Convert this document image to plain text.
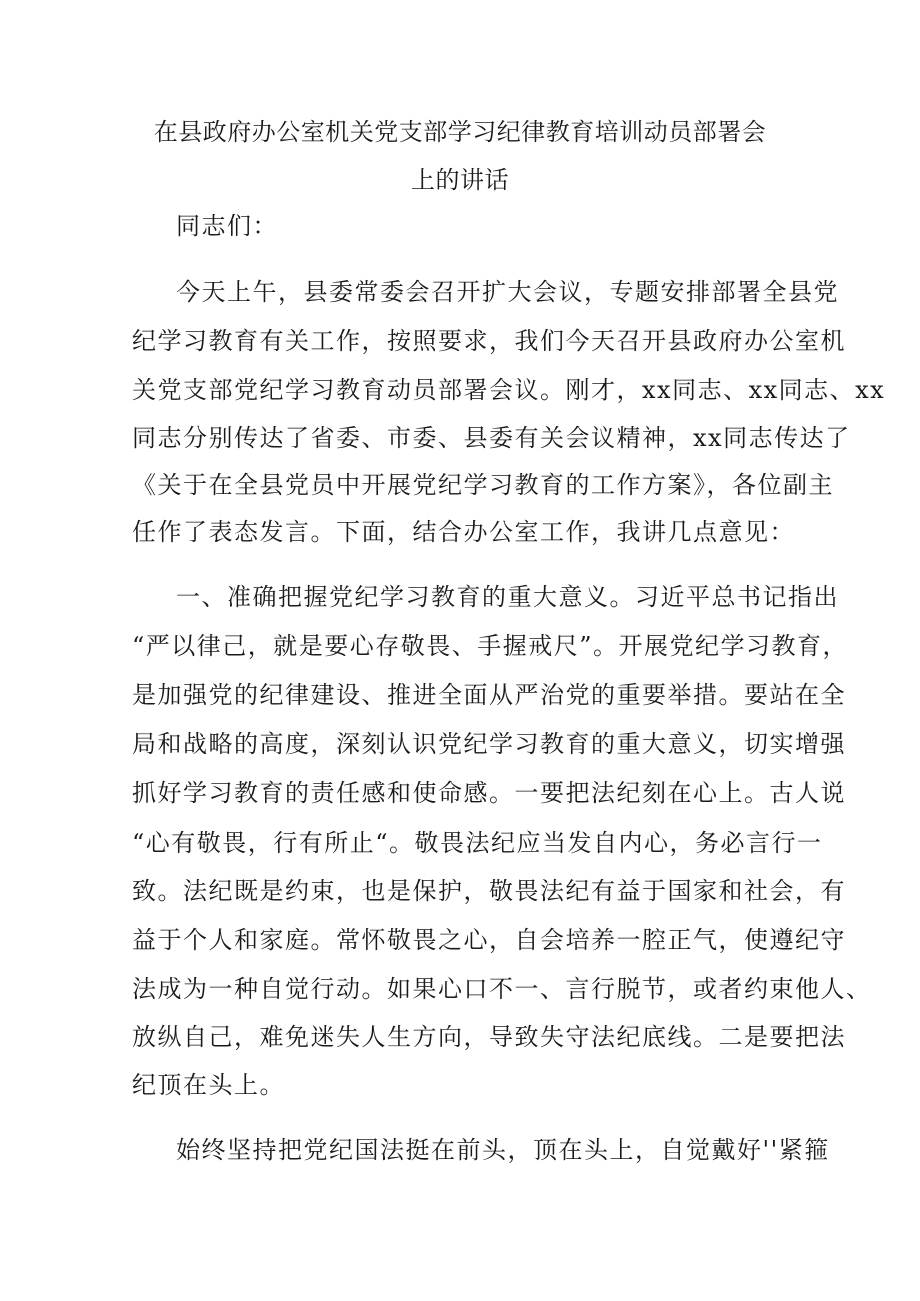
在县政府办公室机关党支部学习纪律教育培训动员部署会
上的讲话
同志们：
今天上午，县委常委会召开扩大会议，专题安排部署全县党
纪学习教育有关工作，按照要求，我们今天召开县政府办公室机
关党支部党纪学习教育动员部署会议。刚才，xx同志、xx同志、xx
同志分别传达了省委、市委、县委有关会议精神，xx同志传达了
《关于在全县党员中开展党纪学习教育的工作方案》，各位副主
任作了表态发言。下面，结合办公室工作，我讲几点意见：
一、准确把握党纪学习教育的重大意义。习近平总书记指出
“严以律己，就是要心存敬畏、手握戒尺”。开展党纪学习教育，
是加强党的纪律建设、推进全面从严治党的重要举措。要站在全
局和战略的高度，深刻认识党纪学习教育的重大意义，切实增强
抓好学习教育的责任感和使命感。一要把法纪刻在心上。古人说
“心有敬畏，行有所止“。敬畏法纪应当发自内心，务必言行一
致。法纪既是约束，也是保护，敬畏法纪有益于国家和社会，有
益于个人和家庭。常怀敬畏之心，自会培养一腔正气，使遵纪守
法成为一种自觉行动。如果心口不一、言行脱节，或者约束他人、
放纵自己，难免迷失人生方向，导致失守法纪底线。二是要把法
纪顶在头上。
始终坚持把党纪国法挺在前头，顶在头上，自觉戴好''紧箍
